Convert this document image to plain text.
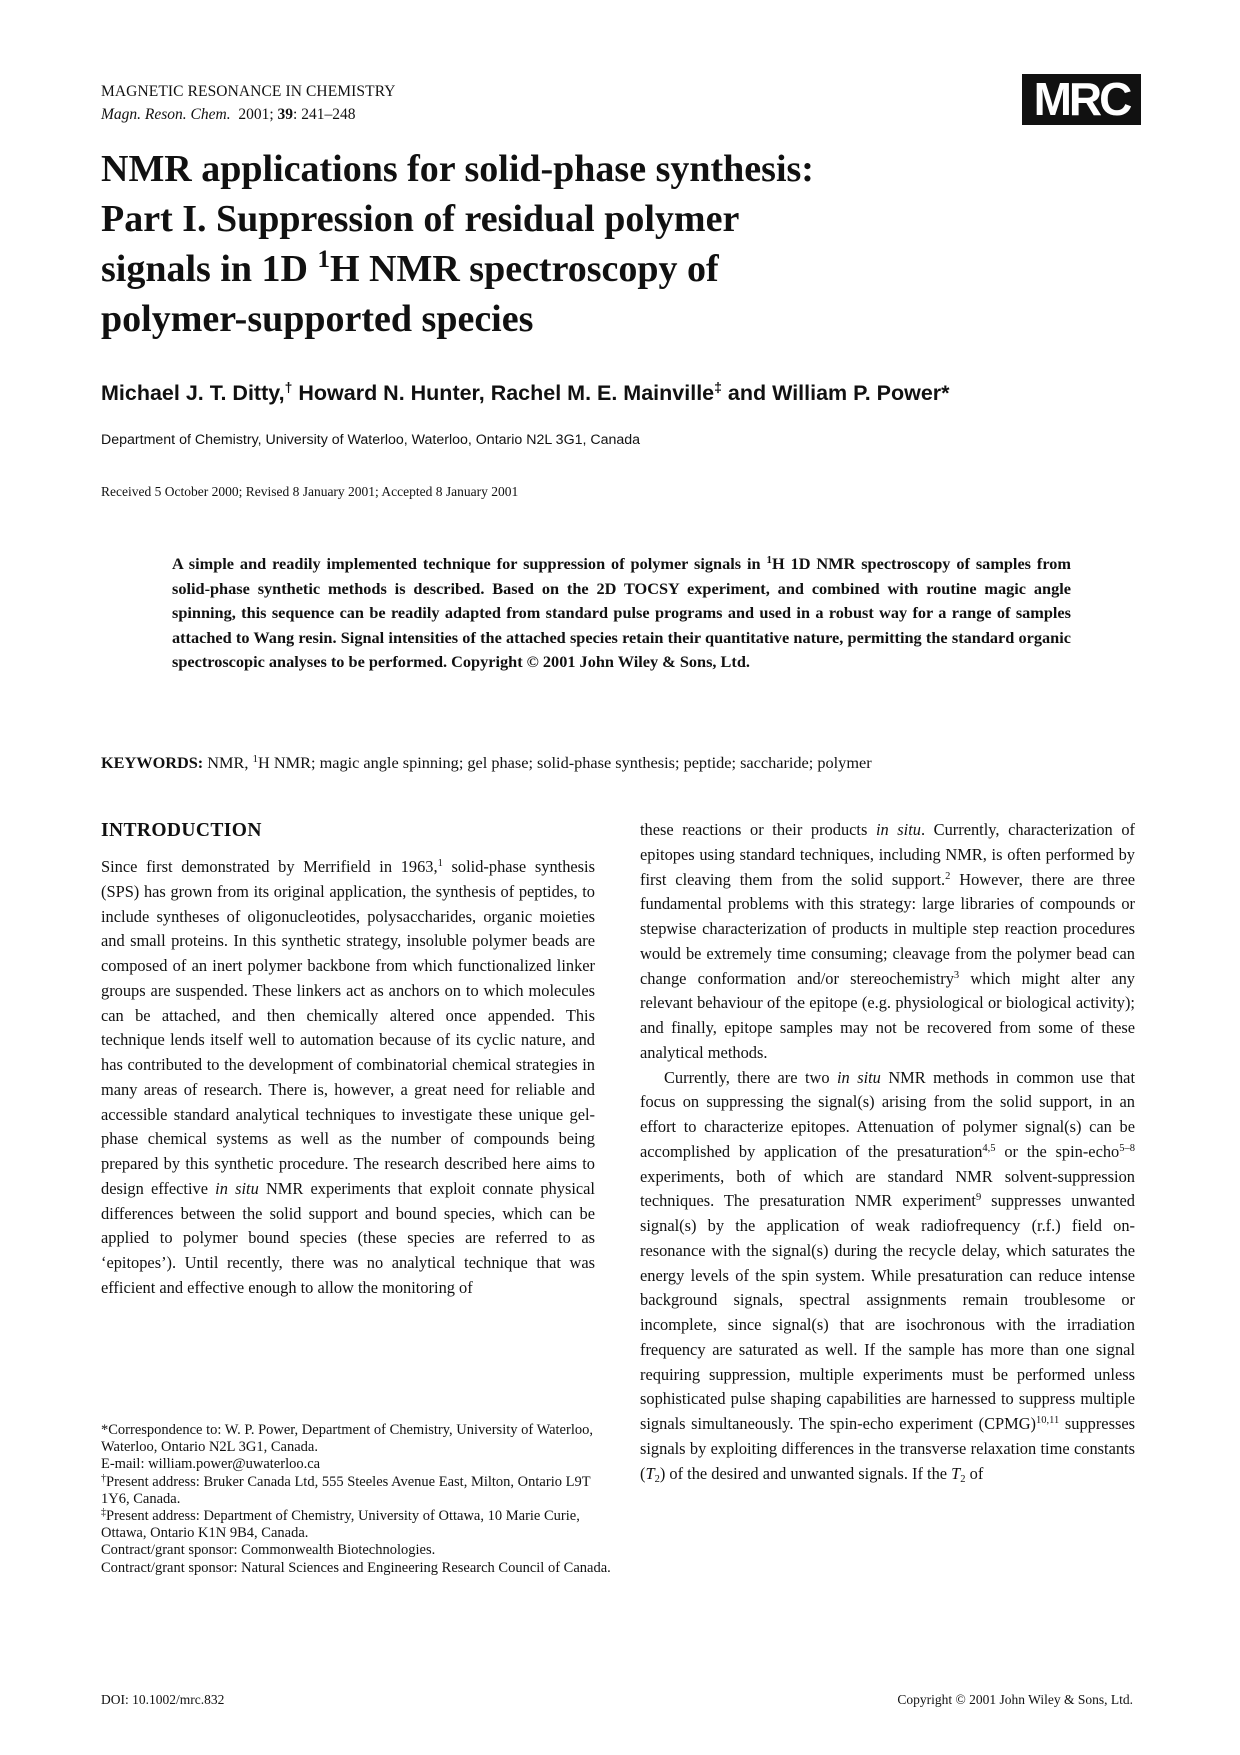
MAGNETIC RESONANCE IN CHEMISTRY
Magn. Reson. Chem. 2001; 39: 241–248	MRC
NMR applications for solid-phase synthesis:
Part I. Suppression of residual polymer
signals in 1D $^1$H NMR spectroscopy of
polymer-supported species
Michael J. T. Ditty,† Howard N. Hunter, Rachel M. E. Mainville‡ and William P. Power*
Department of Chemistry, University of Waterloo, Waterloo, Ontario N2L 3G1, Canada
Received 5 October 2000; Revised 8 January 2001; Accepted 8 January 2001

A simple and readily implemented technique for suppression of polymer signals in $^1$H 1D NMR spectroscopy of samples from solid-phase synthetic methods is described. Based on the 2D TOCSY experiment, and combined with routine magic angle spinning, this sequence can be readily adapted from standard pulse programs and used in a robust way for a range of samples attached to Wang resin. Signal intensities of the attached species retain their quantitative nature, permitting the standard organic spectroscopic analyses to be performed. Copyright © 2001 John Wiley & Sons, Ltd.

KEYWORDS: NMR, $^1$H NMR; magic angle spinning; gel phase; solid-phase synthesis; peptide; saccharide; polymer
INTRODUCTION

Since first demonstrated by Merrifield in 1963,$^1$ solid-phase synthesis (SPS) has grown from its original application, the synthesis of peptides, to include syntheses of oligonucleotides, polysaccharides, organic moieties and small proteins. In this synthetic strategy, insoluble polymer beads are composed of an inert polymer backbone from which functionalized linker groups are suspended. These linkers act as anchors on to which molecules can be attached, and then chemically altered once appended. This technique lends itself well to automation because of its cyclic nature, and has contributed to the development of combinatorial chemical strategies in many areas of research. There is, however, a great need for reliable and accessible standard analytical techniques to investigate these unique gel-phase chemical systems as well as the number of compounds being prepared by this synthetic procedure. The research described here aims to design effective in situ NMR experiments that exploit connate physical differences between the solid support and bound species, which can be applied to polymer bound species (these species are referred to as ‘epitopes’). Until recently, there was no analytical technique that was efficient and effective enough to allow the monitoring of

these reactions or their products in situ. Currently, characterization of epitopes using standard techniques, including NMR, is often performed by first cleaving them from the solid support.$^2$ However, there are three fundamental problems with this strategy: large libraries of compounds or stepwise characterization of products in multiple step reaction procedures would be extremely time consuming; cleavage from the polymer bead can change conformation and/or stereochemistry$^3$ which might alter any relevant behaviour of the epitope (e.g. physiological or biological activity); and finally, epitope samples may not be recovered from some of these analytical methods.

Currently, there are two in situ NMR methods in common use that focus on suppressing the signal(s) arising from the solid support, in an effort to characterize epitopes. Attenuation of polymer signal(s) can be accomplished by application of the presaturation$^{4,5}$ or the spin-echo$^{5-8}$ experiments, both of which are standard NMR solvent-suppression techniques. The presaturation NMR experiment$^9$ suppresses unwanted signal(s) by the application of weak radiofrequency (r.f.) field on-resonance with the signal(s) during the recycle delay, which saturates the energy levels of the spin system. While presaturation can reduce intense background signals, spectral assignments remain troublesome or incomplete, since signal(s) that are isochronous with the irradiation frequency are saturated as well. If the sample has more than one signal requiring suppression, multiple experiments must be performed unless sophisticated pulse shaping capabilities are harnessed to suppress multiple signals simultaneously. The spin-echo experiment (CPMG)$^{10,11}$ suppresses signals by exploiting differences in the transverse relaxation time constants $(T_2)$ of the desired and unwanted signals. If the $T_2$ of

*Correspondence to: W. P. Power, Department of Chemistry, University of Waterloo, Waterloo, Ontario N2L 3G1, Canada.
E-mail: william.power@uwaterloo.ca
†Present address: Bruker Canada Ltd, 555 Steeles Avenue East, Milton, Ontario L9T 1Y6, Canada.
‡Present address: Department of Chemistry, University of Ottawa, 10 Marie Curie, Ottawa, Ontario K1N 9B4, Canada.
Contract/grant sponsor: Commonwealth Biotechnologies.
Contract/grant sponsor: Natural Sciences and Engineering Research Council of Canada.
DOI: 10.1002/mrc.832	Copyright © 2001 John Wiley & Sons, Ltd.
